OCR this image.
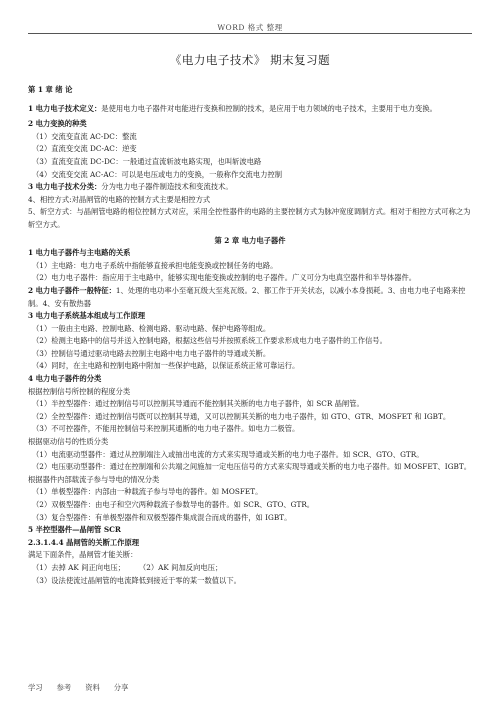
WORD 格式 整理
《电力电子技术》 期末复习题
第 1 章 绪 论
1 电力电子技术定义：是使用电力电子器件对电能进行变换和控制的技术，是应用于电力领域的电子技术，主要用于电力变换。
2 电力变换的种类
（1）交流变直流 AC-DC：整流
（2）直流变交流 DC-AC：逆变
（3）直流变直流 DC-DC：一般通过直流斩波电路实现，也叫斩波电路
（4）交流变交流 AC-AC：可以是电压或电力的变换，一般称作交流电力控制
3 电力电子技术分类：分为电力电子器件制造技术和变流技术。
4、相控方式:对晶闸管的电路的控制方式主要是相控方式
5、斩空方式：与晶闸管电路的相位控制方式对应，采用全控性器件的电路的主要控制方式为脉冲宽度调制方式。相对于相控方式可称之为斩空方式。
第 2 章 电力电子器件
1 电力电子器件与主电路的关系
（1）主电路：电力电子系统中指能够直接承担电能变换或控制任务的电路。
（2）电力电子器件：指应用于主电路中，能够实现电能变换或控制的电子器件。广义可分为电真空器件和半导体器件。
2 电力电子器件一般特征：1、处理的电功率小至毫瓦级大至兆瓦级。2、都工作于开关状态，以减小本身损耗。3、由电力电子电路来控制。4、安有散热器
3 电力电子系统基本组成与工作原理
（1）一般由主电路、控制电路、检测电路、驱动电路、保护电路等组成。
（2）检测主电路中的信号并送入控制电路，根据这些信号并按照系统工作要求形成电力电子器件的工作信号。
（3）控制信号通过驱动电路去控制主电路中电力电子器件的导通或关断。
（4）同时，在主电路和控制电路中附加一些保护电路，以保证系统正常可靠运行。
4 电力电子器件的分类
根据控制信号所控制的程度分类
（1）半控型器件：通过控制信号可以控制其导通而不能控制其关断的电力电子器件，如 SCR 晶闸管。
（2）全控型器件：通过控制信号既可以控制其导通，又可以控制其关断的电力电子器件，如 GTO、GTR、MOSFET 和 IGBT。
（3）不可控器件，不能用控制信号来控制其通断的电力电子器件。如电力二极管。
根据驱动信号的性质分类
（1）电流驱动型器件：通过从控制端注入或抽出电流的方式来实现导通或关断的电力电子器件。如 SCR、GTO、GTR。
（2）电压驱动型器件：通过在控制端和公共端之间施加一定电压信号的方式来实现导通或关断的电力电子器件。如 MOSFET、IGBT。
根据器件内部载流子参与导电的情况分类
（1）单极型器件：内部由一种载流子参与导电的器件。如 MOSFET。
（2）双极型器件：由电子和空穴两种载流子参数导电的器件。如 SCR、GTO、GTR。
（3）复合型器件：有单极型器件和双极型器件集成混合而成的器件，如 IGBT。
5 半控型器件—晶闸管 SCR
2.3.1.4.4 晶闸管的关断工作原理
满足下面条件，晶闸管才能关断：
（1）去掉 AK 间正向电压； （2）AK 间加反向电压；
（3）设法使流过晶闸管的电流降低到接近于零的某一数值以下。
学习 参考 资料 分享
